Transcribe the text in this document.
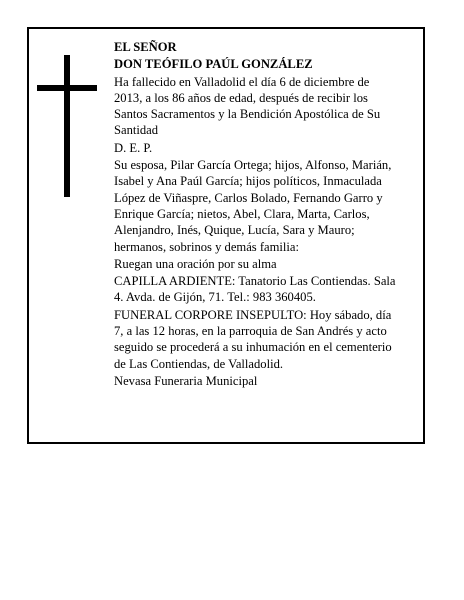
EL SEÑOR

DON TEÓFILO PAÚL GONZÁLEZ

Ha fallecido en Valladolid el día 6 de diciembre de 2013, a los 86 años de edad, después de recibir los Santos Sacramentos y la Bendición Apostólica de Su Santidad

D. E. P.

Su esposa, Pilar García Ortega; hijos, Alfonso, Marián, Isabel y Ana Paúl García; hijos políticos, Inmaculada López de Viñaspre, Carlos Bolado, Fernando Garro y Enrique García; nietos, Abel, Clara, Marta, Carlos, Alenjandro, Inés, Quique, Lucía, Sara y Mauro; hermanos, sobrinos y demás familia:

Ruegan una oración por su alma

CAPILLA ARDIENTE: Tanatorio Las Contiendas. Sala 4. Avda. de Gijón, 71. Tel.: 983 360405.

FUNERAL CORPORE INSEPULTO: Hoy sábado, día 7, a las 12 horas, en la parroquia de San Andrés y acto seguido se procederá a su inhumación en el cementerio de Las Contiendas, de Valladolid.

Nevasa Funeraria Municipal
